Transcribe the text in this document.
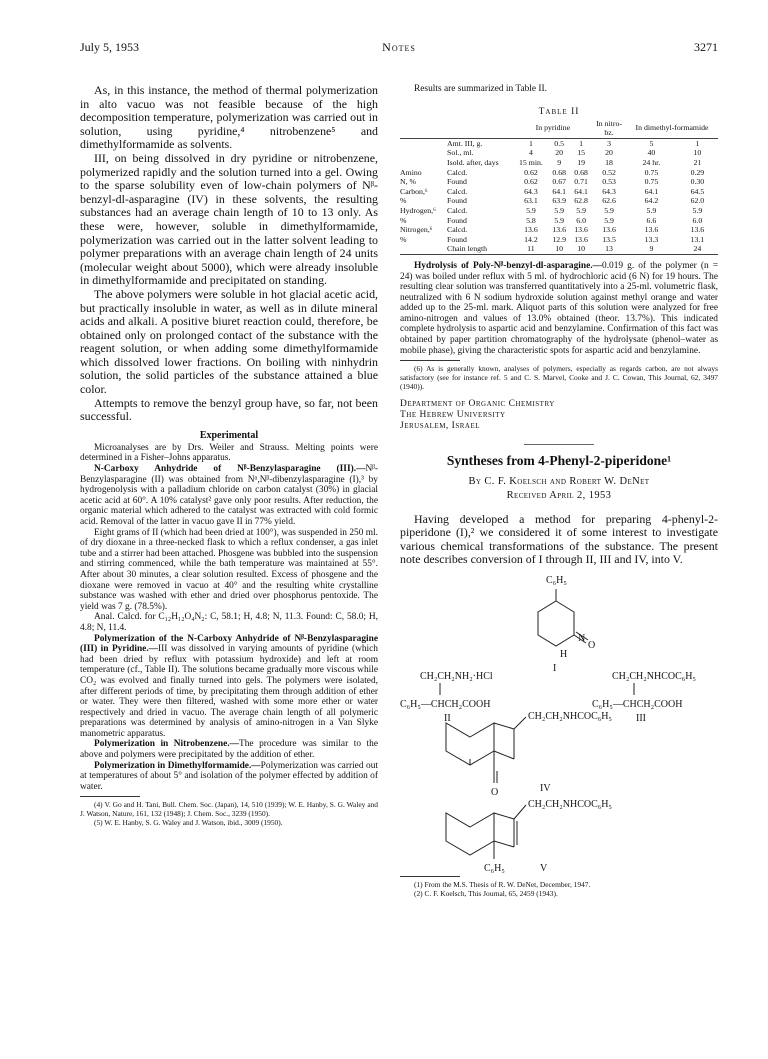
July 5, 1953	Notes	3271

As, in this instance, the method of thermal polymerization in alto vacuo was not feasible because of the high decomposition temperature, polymerization was carried out in solution, using pyridine,⁴ nitrobenzene⁵ and dimethylformamide as solvents.

III, on being dissolved in dry pyridine or nitrobenzene, polymerized rapidly and the solution turned into a gel. Owing to the sparse solubility even of low-chain polymers of Nᵝ-benzyl-dl-asparagine (IV) in these solvents, the resulting substances had an average chain length of 10 to 13 only. As these were, however, soluble in dimethylformamide, polymerization was carried out in the latter solvent leading to polymer preparations with an average chain length of 24 units (molecular weight about 5000), which were already insoluble in dimethylformamide and precipitated on standing.

The above polymers were soluble in hot glacial acetic acid, but practically insoluble in water, as well as in dilute mineral acids and alkali. A positive biuret reaction could, therefore, be obtained only on prolonged contact of the substance with the reagent solution, or when adding some dimethylformamide which dissolved lower fractions. On boiling with ninhydrin solution, the solid particles of the substance attained a blue color.

Attempts to remove the benzyl group have, so far, not been successful.

Experimental

Microanalyses are by Drs. Weiler and Strauss. Melting points were determined in a Fisher–Johns apparatus.

N-Carboxy Anhydride of Nᵝ-Benzylasparagine (III).—Nᵝ-Benzylasparagine (II) was obtained from Nᵅ,Nᵝ-dibenzylasparagine (I),³ by hydrogenolysis with a palladium chloride on carbon catalyst (30%) in glacial acetic acid at 60°. A 10% catalyst² gave only poor results. After reduction, the organic material which adhered to the catalyst was extracted with cold formic acid. Removal of the latter in vacuo gave II in 77% yield.

Eight grams of II (which had been dried at 100°), was suspended in 250 ml. of dry dioxane in a three-necked flask to which a reflux condenser, a gas inlet tube and a stirrer had been attached. Phosgene was bubbled into the suspension and stirring commenced, while the bath temperature was maintained at 55°. After about 30 minutes, a clear solution resulted. Excess of phosgene and the dioxane were removed in vacuo at 40° and the resulting white crystalline substance was washed with ether and dried over phosphorus pentoxide. The yield was 7 g. (78.5%).

Anal. Calcd. for C₁₂H₁₂O₄N₂: C, 58.1; H, 4.8; N, 11.3. Found: C, 58.0; H, 4.8; N, 11.4.

Polymerization of the N-Carboxy Anhydride of Nᵝ-Benzylasparagine (III) in Pyridine.—III was dissolved in varying amounts of pyridine (which had been dried by reflux with potassium hydroxide) and left at room temperature (cf., Table II). The solutions became gradually more viscous while CO₂ was evolved and finally turned into gels. The polymers were isolated, after different periods of time, by precipitating them through addition of ether or water. They were then filtered, washed with some more ether or water respectively and dried in vacuo. The average chain length of all polymeric preparations was determined by analysis of amino-nitrogen in a Van Slyke manometric apparatus.

Polymerization in Nitrobenzene.—The procedure was similar to the above and polymers were precipitated by the addition of ether.

Polymerization in Dimethylformamide.—Polymerization was carried out at temperatures of about 5° and isolation of the polymer effected by addition of water.

(4) V. Go and H. Tani, Bull. Chem. Soc. (Japan), 14, 510 (1939); W. E. Hanby, S. G. Waley and J. Watson, Nature, 161, 132 (1948); J. Chem. Soc., 3239 (1950).

(5) W. E. Hanby, S. G. Waley and J. Watson, ibid., 3009 (1950).

Results are summarized in Table II.

Table II
		In pyridine			In nitro-bz.	In dimethyl-formamide	
	Amt. III, g.	1	0.5	1	3	5	1
	Sol., ml.	4	20	15	20	40	10
	Isold. after, days	15 min.	9	19	18	24 hr.	21
Amino	Calcd.	0.62	0.68	0.68	0.52	0.75	0.29
N, %	Found	0.62	0.67	0.71	0.53	0.75	0.30
Carbon,⁶	Calcd.	64.3	64.1	64.1	64.3	64.1	64.5
%	Found	63.1	63.9	62.8	62.6	64.2	62.0
Hydrogen,⁶	Calcd.	5.9	5.9	5.9	5.9	5.9	5.9
%	Found	5.8	5.9	6.0	5.9	6.6	6.0
Nitrogen,⁶	Calcd.	13.6	13.6	13.6	13.6	13.6	13.6
%	Found	14.2	12.9	13.6	13.5	13.3	13.1
	Chain length	11	10	10	13	9	24

Hydrolysis of Poly-Nᵝ-benzyl-dl-asparagine.—0.019 g. of the polymer (n = 24) was boiled under reflux with 5 ml. of hydrochloric acid (6 N) for 19 hours. The resulting clear solution was transferred quantitatively into a 25-ml. volumetric flask, neutralized with 6 N sodium hydroxide solution against methyl orange and water added up to the 25-ml. mark. Aliquot parts of this solution were analyzed for free amino-nitrogen and values of 13.0% obtained (theor. 13.7%). This indicated complete hydrolysis to aspartic acid and benzylamine. Confirmation of this fact was obtained by paper partition chromatography of the hydrolysate (phenol–water as mobile phase), giving the characteristic spots for aspartic acid and benzylamine.

(6) As is generally known, analyses of polymers, especially as regards carbon, are not always satisfactory (see for instance ref. 5 and C. S. Marvel, Cooke and J. C. Cowan, This Journal, 62, 3497 (1940)).

Department of Organic Chemistry
The Hebrew University
Jerusalem, Israel
Syntheses from 4-Phenyl-2-piperidone¹
By C. F. Koelsch and Robert W. DeNet
Received April 2, 1953

Having developed a method for preparing 4-phenyl-2-piperidone (I),² we considered it of some interest to investigate various chemical transformations of the substance. The present note describes conversion of I through II, III and IV, into V.

C₆H₅
N
O
H
I
CH₂CH₂NH₂·HCl
C₆H₅—CHCH₂COOH
II
CH₂CH₂NHCOC₆H₅
C₆H₅—CHCH₂COOH
III
CH₂CH₂NHCOC₆H₅
O	IV
CH₂CH₂NHCOC₆H₅
C₆H₅	V

(1) From the M.S. Thesis of R. W. DeNet, December, 1947.

(2) C. F. Koelsch, This Journal, 65, 2459 (1943).
